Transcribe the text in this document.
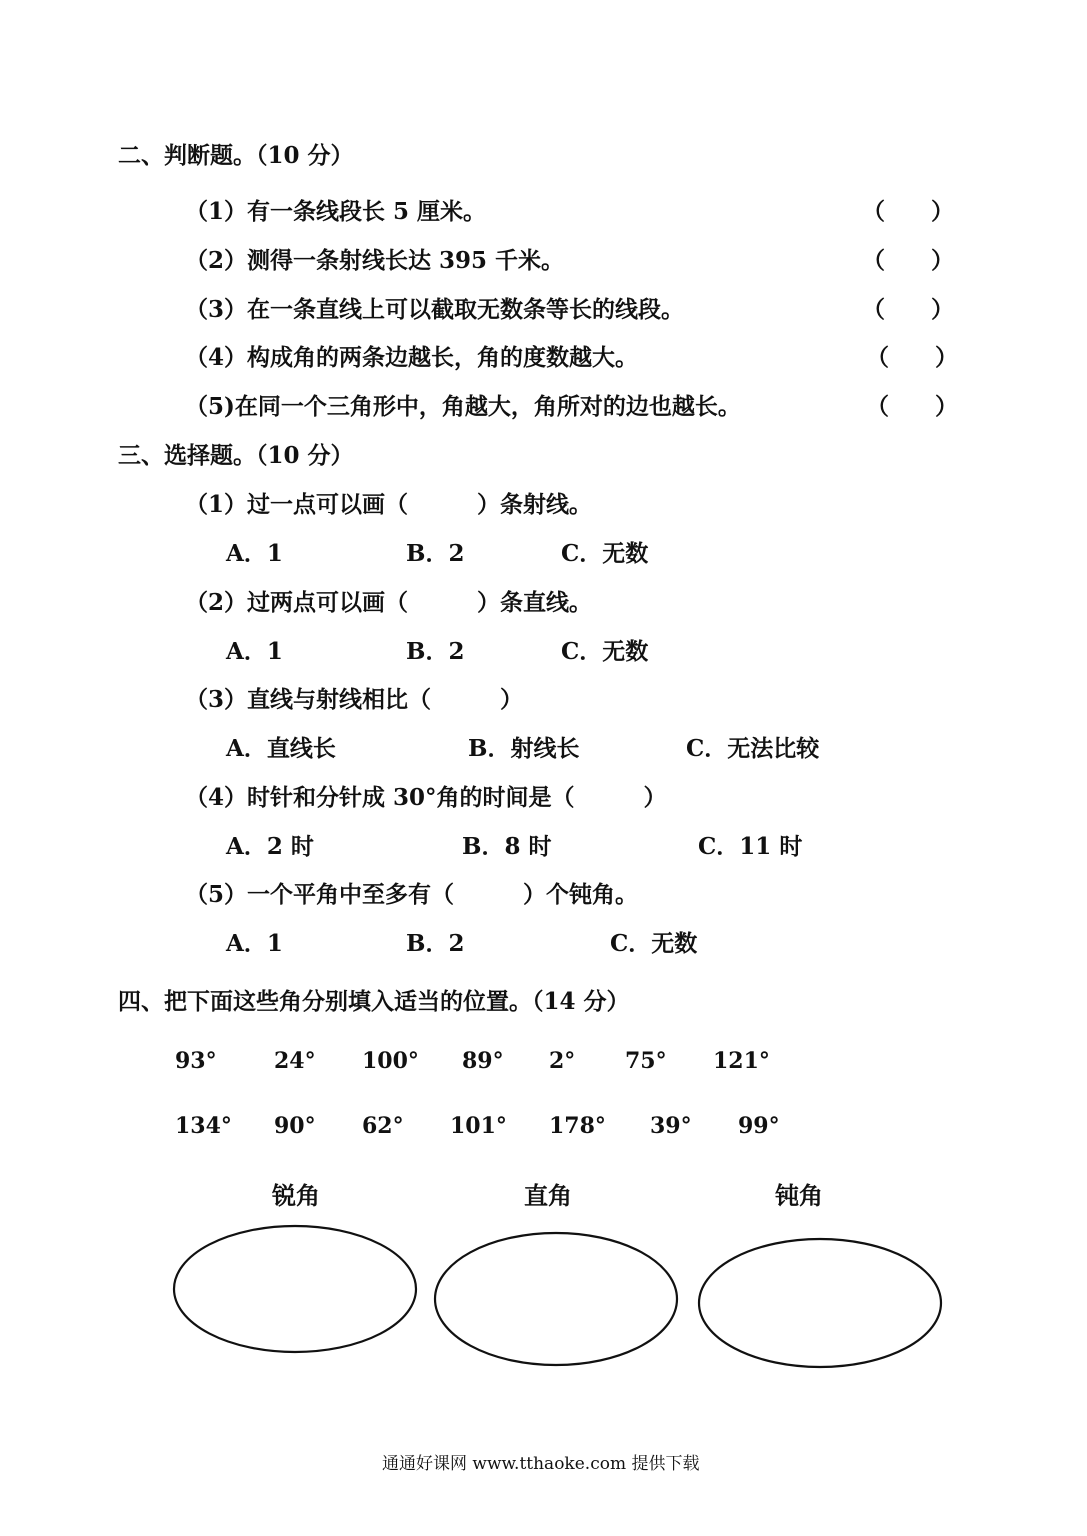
二、判断题。（10 分）
（1）有一条线段长 5 厘米。	（　　）
（2）测得一条射线长达 395 千米。	（　　）
（3）在一条直线上可以截取无数条等长的线段。	（　　）
（4）构成角的两条边越长，角的度数越大。	（　　）
（5)在同一个三角形中，角越大，角所对的边也越长。	（　　）
三、选择题。（10 分）
（1）过一点可以画（　　　）条射线。
A．1	B．2	C．无数
（2）过两点可以画（　　　）条直线。
A．1	B．2	C．无数
（3）直线与射线相比（　　　）
A．直线长	B．射线长	C．无法比较
（4）时针和分针成 30°角的时间是（　　　）
A．2 时	B．8 时	C．11 时
（5）一个平角中至多有（　　　）个钝角。
A．1	B．2	C．无数
四、把下面这些角分别填入适当的位置。（14 分）
93°	24° 100° 89° 2° 75° 121°
134° 90° 62° 101° 178° 39° 99°
锐角	直角	钝角
通通好课网 www.tthaoke.com 提供下载
